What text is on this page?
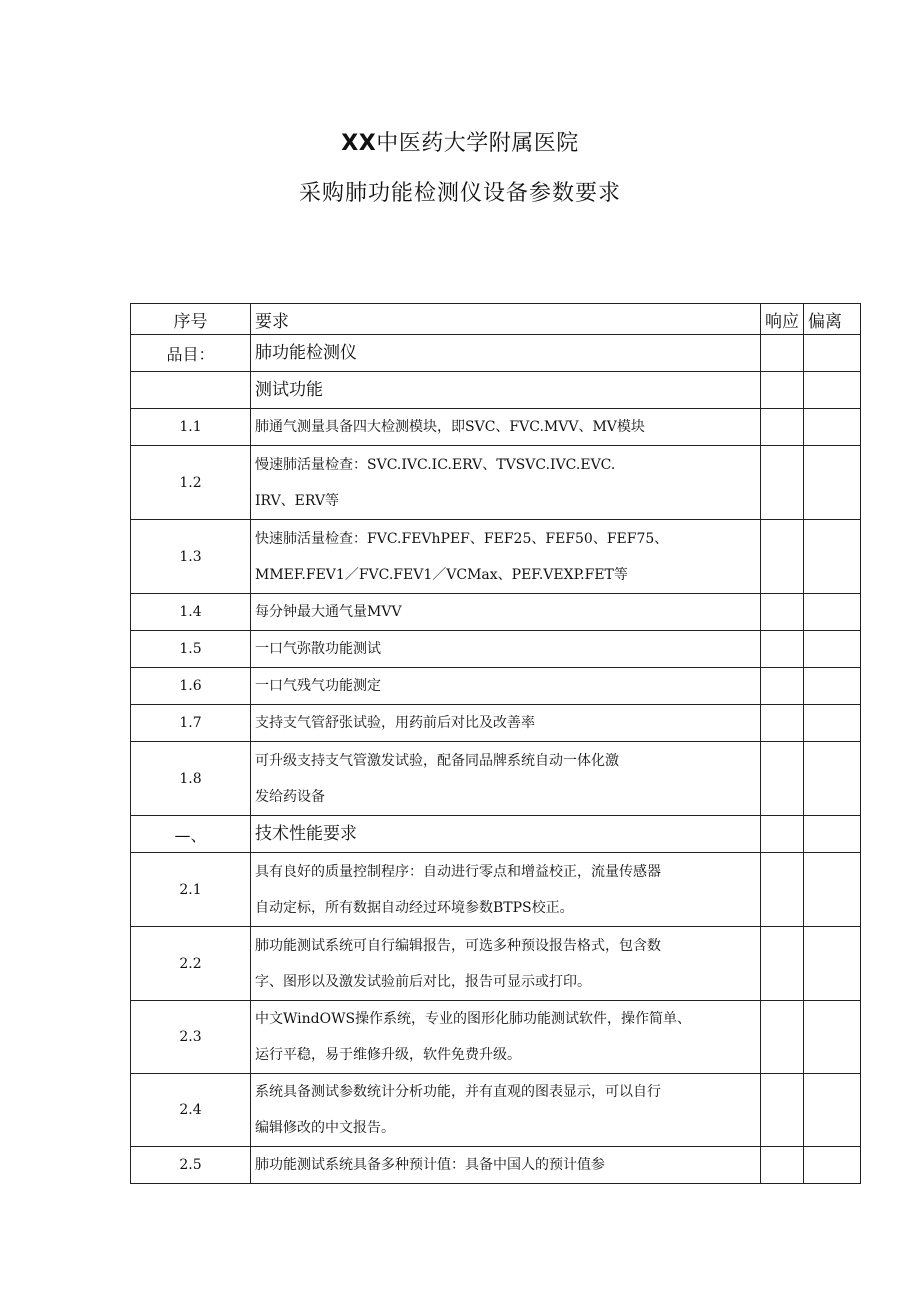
XX中医药大学附属医院
采购肺功能检测仪设备参数要求
序号	要求	响应	偏离
品目：	肺功能检测仪		

	测试功能		

1.1	肺通气测量具备四大检测模块，即SVC、FVC.MVV、MV模块		

1.2	慢速肺活量检查：SVC.IVC.IC.ERV、TVSVC.IVC.EVC.
IRV、ERV等		

1.3	快速肺活量检查：FVC.FEVhPEF、FEF25、FEF50、FEF75、
MMEF.FEV1／FVC.FEV1／VCMax、PEF.VEXP.FET等		

1.4	每分钟最大通气量MVV		

1.5	一口气弥散功能测试		

1.6	一口气残气功能测定		

1.7	支持支气管舒张试验，用药前后对比及改善率		

1.8	可升级支持支气管激发试验，配备同品牌系统自动一体化激
发给药设备		

—、	技术性能要求		

2.1	具有良好的质量控制程序：自动进行零点和增益校正，流量传感器
自动定标，所有数据自动经过环境参数BTPS校正。		

2.2	肺功能测试系统可自行编辑报告，可选多种预设报告格式，包含数
字、图形以及激发试验前后对比，报告可显示或打印。		

2.3	中文WindOWS操作系统，专业的图形化肺功能测试软件，操作简单、
运行平稳，易于维修升级，软件免费升级。		

2.4	系统具备测试参数统计分析功能，并有直观的图表显示，可以自行
编辑修改的中文报告。		

2.5	肺功能测试系统具备多种预计值：具备中国人的预计值参		
